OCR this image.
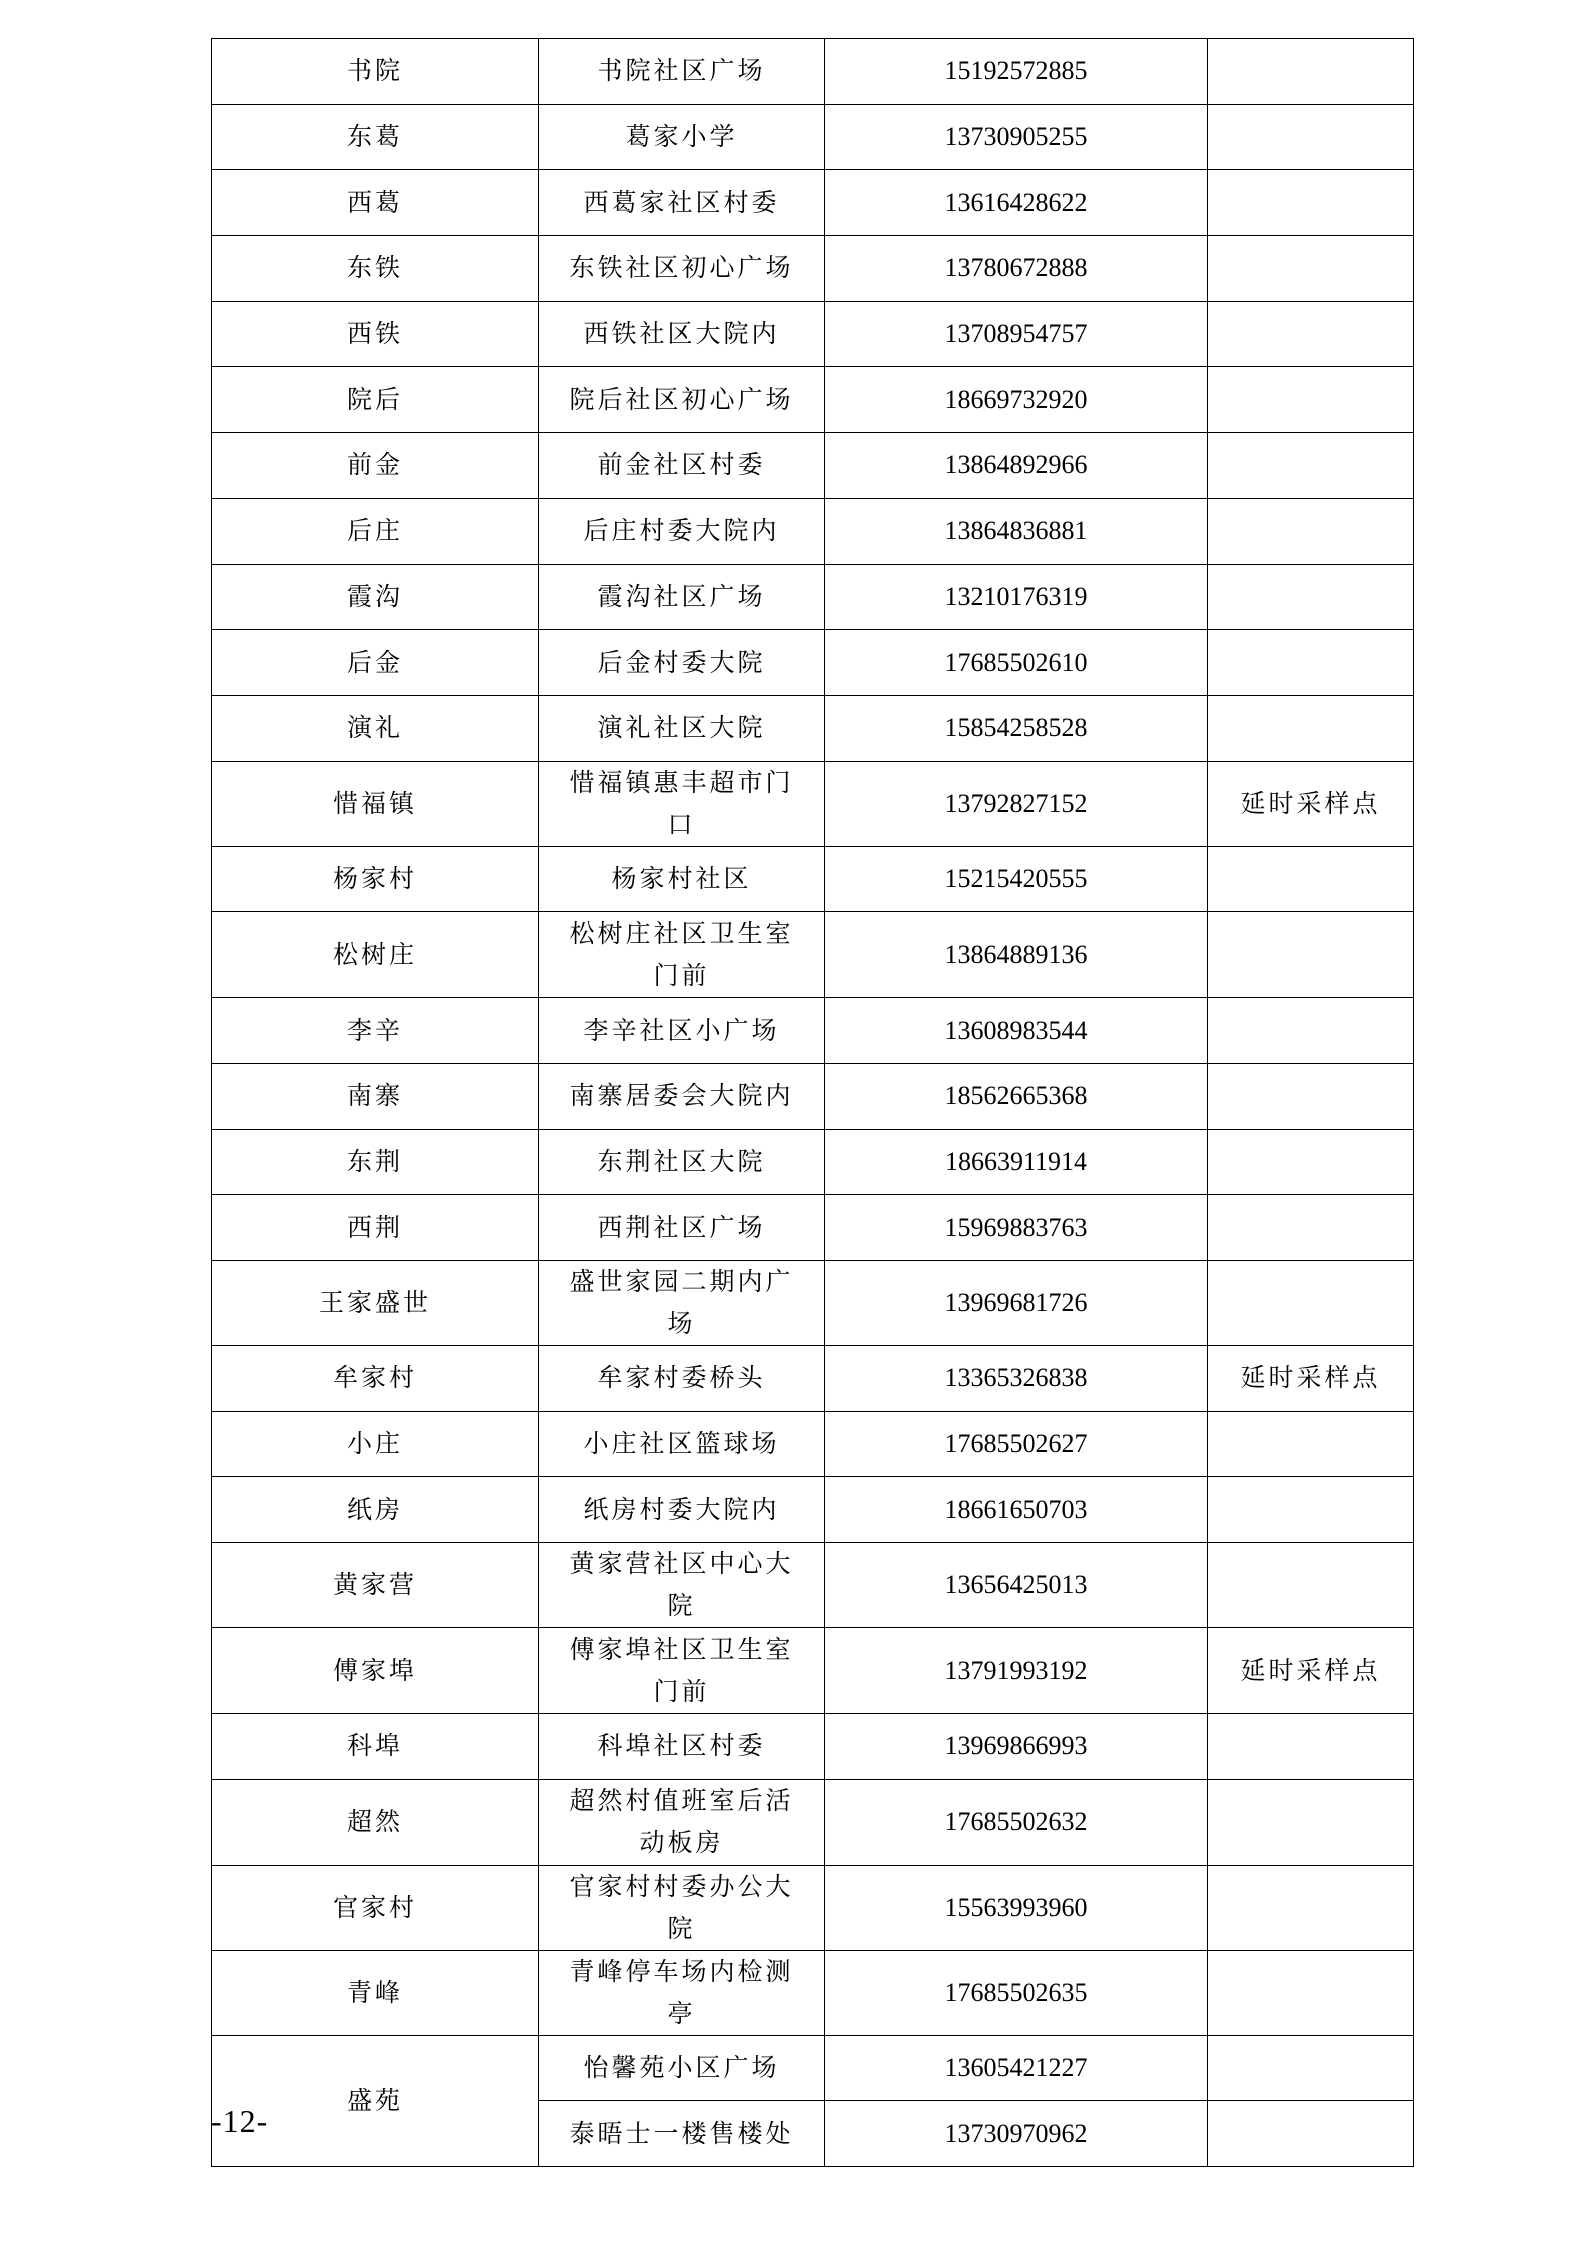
书院	书院社区广场	15192572885	
东葛	葛家小学	13730905255	
西葛	西葛家社区村委	13616428622	
东铁	东铁社区初心广场	13780672888	
西铁	西铁社区大院内	13708954757	
院后	院后社区初心广场	18669732920	
前金	前金社区村委	13864892966	
后庄	后庄村委大院内	13864836881	
霞沟	霞沟社区广场	13210176319	
后金	后金村委大院	17685502610	
演礼	演礼社区大院	15854258528	
惜福镇	惜福镇惠丰超市门口	13792827152	延时采样点
杨家村	杨家村社区	15215420555	
松树庄	松树庄社区卫生室门前	13864889136	
李辛	李辛社区小广场	13608983544	
南寨	南寨居委会大院内	18562665368	
东荆	东荆社区大院	18663911914	
西荆	西荆社区广场	15969883763	
王家盛世	盛世家园二期内广场	13969681726	
牟家村	牟家村委桥头	13365326838	延时采样点
小庄	小庄社区篮球场	17685502627	
纸房	纸房村委大院内	18661650703	
黄家营	黄家营社区中心大院	13656425013	
傅家埠	傅家埠社区卫生室门前	13791993192	延时采样点
科埠	科埠社区村委	13969866993	
超然	超然村值班室后活动板房	17685502632	
官家村	官家村村委办公大院	15563993960	
青峰	青峰停车场内检测亭	17685502635	
盛苑	怡馨苑小区广场	13605421227	
	泰晤士一楼售楼处	13730970962	
-12-
